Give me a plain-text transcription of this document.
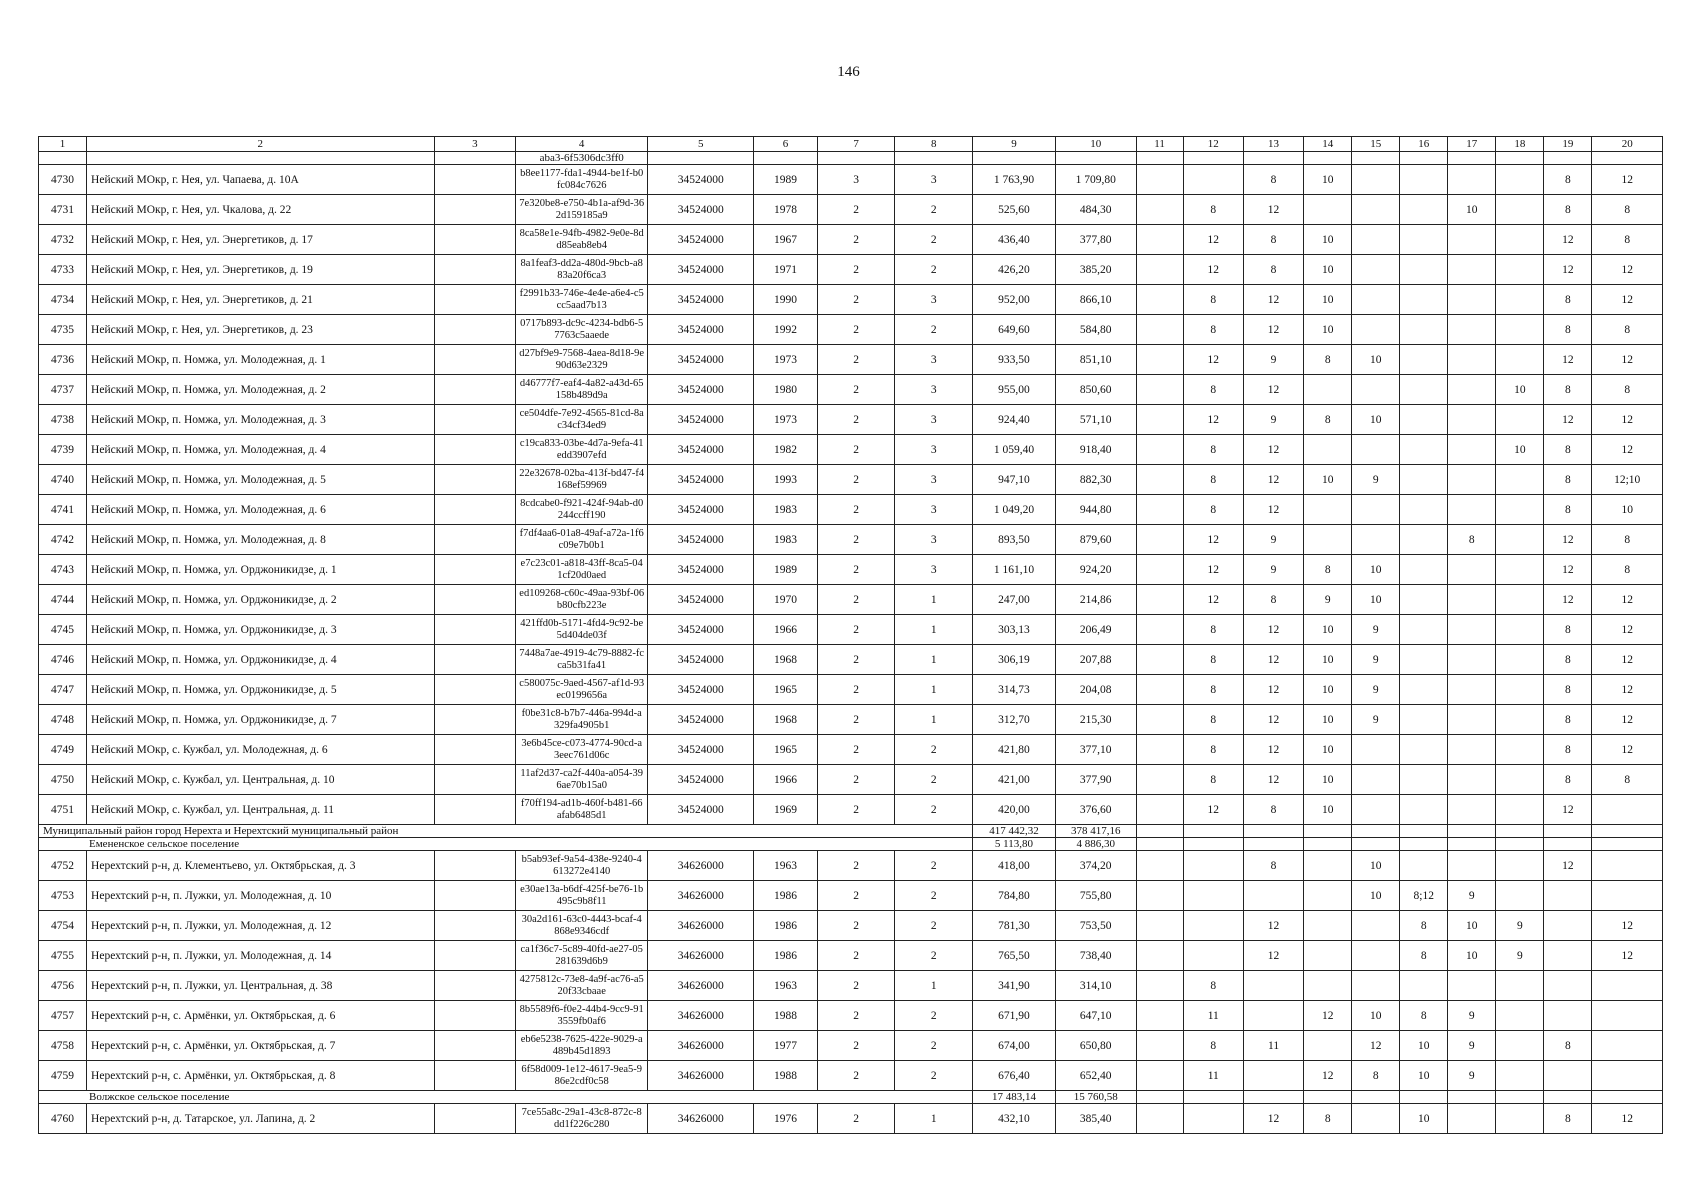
146
1	2	3	4	5	6	7	8	9	10	11	12	13	14	15	16	17	18	19	20
			aba3-6f5306dc3ff0																
4730	Нейский МОкр, г. Нея, ул. Чапаева, д. 10А		b8ee1177-fda1-4944-be1f-b0fc084c7626	34524000	1989	3	3	1 763,90	1 709,80			8	10					8	12
4731	Нейский МОкр, г. Нея, ул. Чкалова, д. 22		7e320be8-e750-4b1a-af9d-362d159185a9	34524000	1978	2	2	525,60	484,30		8	12				10		8	8
4732	Нейский МОкр, г. Нея, ул. Энергетиков, д. 17		8ca58e1e-94fb-4982-9e0e-8dd85eab8eb4	34524000	1967	2	2	436,40	377,80		12	8	10					12	8
4733	Нейский МОкр, г. Нея, ул. Энергетиков, д. 19		8a1feaf3-dd2a-480d-9bcb-a883a20f6ca3	34524000	1971	2	2	426,20	385,20		12	8	10					12	12
4734	Нейский МОкр, г. Нея, ул. Энергетиков, д. 21		f2991b33-746e-4e4e-a6e4-c5cc5aad7b13	34524000	1990	2	3	952,00	866,10		8	12	10					8	12
4735	Нейский МОкр, г. Нея, ул. Энергетиков, д. 23		0717b893-dc9c-4234-bdb6-57763c5aaede	34524000	1992	2	2	649,60	584,80		8	12	10					8	8
4736	Нейский МОкр, п. Номжа, ул. Молодежная, д. 1		d27bf9e9-7568-4aea-8d18-9e90d63e2329	34524000	1973	2	3	933,50	851,10		12	9	8	10				12	12
4737	Нейский МОкр, п. Номжа, ул. Молодежная, д. 2		d46777f7-eaf4-4a82-a43d-65158b489d9a	34524000	1980	2	3	955,00	850,60		8	12					10	8	8
4738	Нейский МОкр, п. Номжа, ул. Молодежная, д. 3		ce504dfe-7e92-4565-81cd-8ac34cf34ed9	34524000	1973	2	3	924,40	571,10		12	9	8	10				12	12
4739	Нейский МОкр, п. Номжа, ул. Молодежная, д. 4		c19ca833-03be-4d7a-9efa-41edd3907efd	34524000	1982	2	3	1 059,40	918,40		8	12					10	8	12
4740	Нейский МОкр, п. Номжа, ул. Молодежная, д. 5		22e32678-02ba-413f-bd47-f4168ef59969	34524000	1993	2	3	947,10	882,30		8	12	10	9				8	12;10
4741	Нейский МОкр, п. Номжа, ул. Молодежная, д. 6		8cdcabe0-f921-424f-94ab-d0244ccff190	34524000	1983	2	3	1 049,20	944,80		8	12						8	10
4742	Нейский МОкр, п. Номжа, ул. Молодежная, д. 8		f7df4aa6-01a8-49af-a72a-1f6c09e7b0b1	34524000	1983	2	3	893,50	879,60		12	9				8		12	8
4743	Нейский МОкр, п. Номжа, ул. Орджоникидзе, д. 1		e7c23c01-a818-43ff-8ca5-041cf20d0aed	34524000	1989	2	3	1 161,10	924,20		12	9	8	10				12	8
4744	Нейский МОкр, п. Номжа, ул. Орджоникидзе, д. 2		ed109268-c60c-49aa-93bf-06b80cfb223e	34524000	1970	2	1	247,00	214,86		12	8	9	10				12	12
4745	Нейский МОкр, п. Номжа, ул. Орджоникидзе, д. 3		421ffd0b-5171-4fd4-9c92-be5d404de03f	34524000	1966	2	1	303,13	206,49		8	12	10	9				8	12
4746	Нейский МОкр, п. Номжа, ул. Орджоникидзе, д. 4		7448a7ae-4919-4c79-8882-fcca5b31fa41	34524000	1968	2	1	306,19	207,88		8	12	10	9				8	12
4747	Нейский МОкр, п. Номжа, ул. Орджоникидзе, д. 5		c580075c-9aed-4567-af1d-93ec0199656a	34524000	1965	2	1	314,73	204,08		8	12	10	9				8	12
4748	Нейский МОкр, п. Номжа, ул. Орджоникидзе, д. 7		f0be31c8-b7b7-446a-994d-a329fa4905b1	34524000	1968	2	1	312,70	215,30		8	12	10	9				8	12
4749	Нейский МОкр, с. Кужбал, ул. Молодежная, д. 6		3e6b45ce-c073-4774-90cd-a3eec761d06c	34524000	1965	2	2	421,80	377,10		8	12	10					8	12
4750	Нейский МОкр, с. Кужбал, ул. Центральная, д. 10		11af2d37-ca2f-440a-a054-396ae70b15a0	34524000	1966	2	2	421,00	377,90		8	12	10					8	8
4751	Нейский МОкр, с. Кужбал, ул. Центральная, д. 11		f70ff194-ad1b-460f-b481-66afab6485d1	34524000	1969	2	2	420,00	376,60		12	8	10					12	
Муниципальный район город Нерехта и Нерехтский муниципальный район								417 442,32	378 417,16										
Емененское сельское поселение								5 113,80	4 886,30										
4752	Нерехтский р-н, д. Клементьево, ул. Октябрьская, д. 3		b5ab93ef-9a54-438e-9240-4613272e4140	34626000	1963	2	2	418,00	374,20			8		10				12	
4753	Нерехтский р-н, п. Лужки, ул. Молодежная, д. 10		e30ae13a-b6df-425f-be76-1b495c9b8f11	34626000	1986	2	2	784,80	755,80					10	8;12	9			
4754	Нерехтский р-н, п. Лужки, ул. Молодежная, д. 12		30a2d161-63c0-4443-bcaf-4868e9346cdf	34626000	1986	2	2	781,30	753,50			12			8	10	9		12
4755	Нерехтский р-н, п. Лужки, ул. Молодежная, д. 14		ca1f36c7-5c89-40fd-ae27-05281639d6b9	34626000	1986	2	2	765,50	738,40			12			8	10	9		12
4756	Нерехтский р-н, п. Лужки, ул. Центральная, д. 38		4275812c-73e8-4a9f-ac76-a520f33cbaae	34626000	1963	2	1	341,90	314,10		8								
4757	Нерехтский р-н, с. Армёнки, ул. Октябрьская, д. 6		8b5589f6-f0e2-44b4-9cc9-913559fb0af6	34626000	1988	2	2	671,90	647,10		11		12	10	8	9			
4758	Нерехтский р-н, с. Армёнки, ул. Октябрьская, д. 7		eb6e5238-7625-422e-9029-a489b45d1893	34626000	1977	2	2	674,00	650,80		8	11		12	10	9		8	
4759	Нерехтский р-н, с. Армёнки, ул. Октябрьская, д. 8		6f58d009-1e12-4617-9ea5-986e2cdf0c58	34626000	1988	2	2	676,40	652,40		11		12	8	10	9			
Волжское сельское поселение								17 483,14	15 760,58										
4760	Нерехтский р-н, д. Татарское, ул. Лапина, д. 2		7ce55a8c-29a1-43c8-872c-8dd1f226c280	34626000	1976	2	1	432,10	385,40			12	8		10			8	12
